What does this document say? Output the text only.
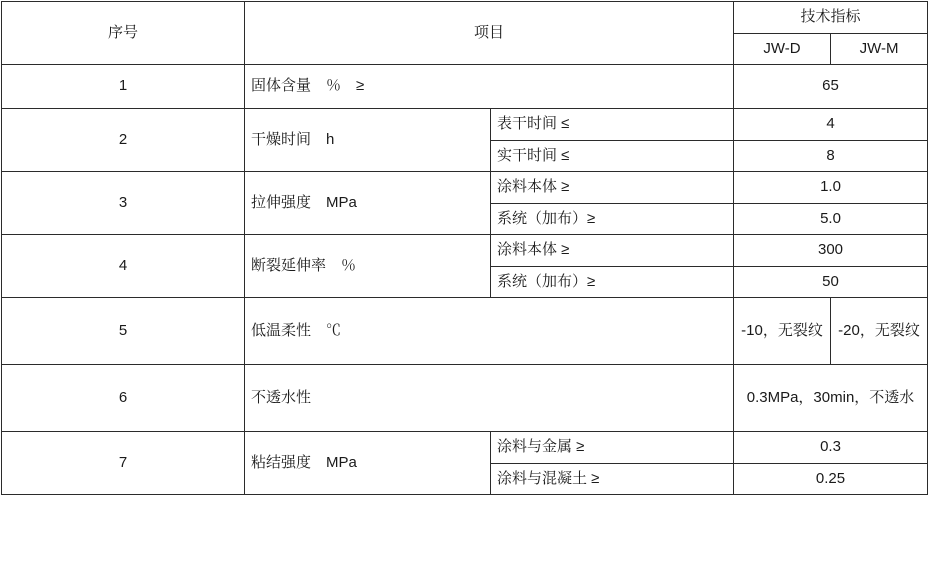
序号	项目		技术指标	
			JW-D	JW-M
1	固体含量　％　≥		65	
2	干燥时间　h	表干时间 ≤	4	
		实干时间 ≤	8	
3	拉伸强度　MPa	涂料本体 ≥	1.0	
		系统（加布）≥	5.0	
4	断裂延伸率　％	涂料本体 ≥	300	
		系统（加布）≥	50	
5	低温柔性　℃		-10，无裂纹	-20，无裂纹
6	不透水性		0.3MPa，30min，不透水	
7	粘结强度　MPa	涂料与金属 ≥	0.3	
		涂料与混凝土 ≥	0.25	
